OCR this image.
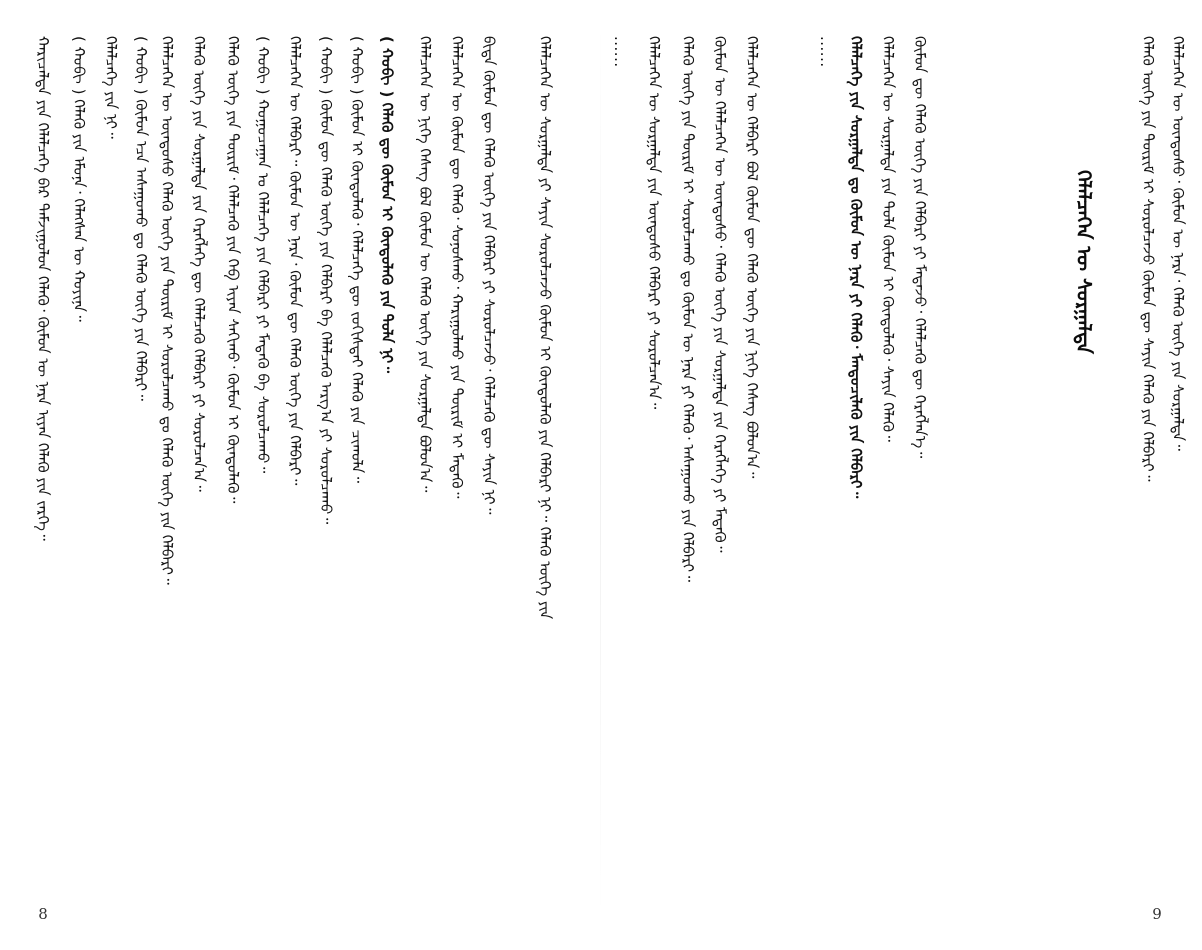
ᠬᠠᠷᠢᠴᠠᠯᠲᠠ ᠶᠢᠨ ᠬᠡᠯᠡᠯᠴᠡᠭᠡ ᠪᠡᠷ ᠳᠠᠮᠵᠢᠭᠤᠯᠤᠨ ᠬᠡᠯᠡᠬᠦ᠂ ᠬᠦᠮᠦᠨ ᠦ ᠨᠡᠷᠡ ᠢᠶᠡᠨ ᠬᠡᠯᠡᠬᠦ ᠶᠢᠨ ᠵᠡᠷᠭᠡ᠃ ( ᠬᠤᠪᠢ ) ᠬᠡᠯᠡᠬᠦ ᠶᠢᠨ ᠡᠮᠦᠨᠡ᠂ ᠬᠡᠯᠡᠭᠰᠡᠨ ᠦ ᠬᠣᠶᠢᠨᠠ᠃ ᠬᠡᠯᠡᠯᠴᠡᠭᠡ ᠶᠢᠨ ᠨᠢ᠃ ( ᠬᠤᠪᠢ ) ᠬᠦᠮᠦᠨ ᠡᠴᠡ ᠠᠰᠠᠭᠤᠬᠤ ᠳᠤ ᠬᠡᠯᠡᠬᠦ ᠦᠭᠡ ᠶᠢᠨ ᠬᠡᠯᠪᠡᠷᠢ᠃ ᠬᠡᠯᠡᠯᠴᠡᠭᠡᠨ ᠦ ᠦᠨᠳᠦᠰᠦ ᠬᠡᠯᠡᠬᠦ ᠦᠭᠡ ᠶᠢᠨ ᠳᠦᠷᠢᠮ ᠢ ᠰᠤᠷᠤᠯᠴᠠᠬᠤ ᠳᠤ ᠬᠡᠯᠡᠬᠦ ᠦᠭᠡ ᠶᠢᠨ ᠬᠡᠯᠪᠡᠷᠢ᠃ ᠬᠡᠯᠡᠬᠦ ᠦᠭᠡ ᠶᠢᠨ ᠰᠤᠷᠭᠠᠯᠲᠠ ᠶᠢᠨ ᠬᠡᠷᠡᠭᠯᠡᠭᠡ ᠳᠦ ᠬᠡᠯᠡᠯᠴᠡᠬᠦ ᠬᠡᠯᠪᠡᠷᠢ ᠶᠢ ᠰᠤᠷᠤᠯᠴᠠᠨ᠎ᠠ᠃ ᠬᠡᠯᠡᠬᠦ ᠦᠭᠡ ᠶᠢᠨ ᠳᠦᠷᠢᠮ᠂ ᠬᠡᠯᠡᠯᠴᠡᠬᠦ ᠶᠢᠨ ᠬᠡᠪ ᠢᠶᠡᠨ ᠰᠠᠬᠢᠬᠤ᠂ ᠬᠦᠮᠦᠨ ᠢ ᠬᠦᠨᠳᠦᠯᠡᠬᠦ᠃ ( ᠬᠤᠪᠢ ) ᠬᠤᠭᠤᠴᠠᠭᠠᠨ ᠤ ᠬᠡᠯᠡᠯᠴᠡᠭᠡ ᠶᠢᠨ ᠬᠡᠯᠪᠡᠷᠢ ᠶᠢ ᠮᠡᠳᠡᠬᠦ ᠪᠠ ᠰᠤᠷᠤᠯᠴᠠᠬᠤ᠃ ᠬᠡᠯᠡᠯᠴᠡᠭᠡᠨ ᠦ ᠬᠡᠯᠪᠡᠷᠢ᠃ ᠬᠦᠮᠦᠨ ᠦ ᠨᠡᠷᠡ᠂ ᠬᠦᠮᠦᠨ ᠳᠦ ᠬᠡᠯᠡᠬᠦ ᠦᠭᠡ ᠶᠢᠨ ᠬᠡᠯᠪᠡᠷᠢ᠃ ( ᠬᠤᠪᠢ ) ᠬᠦᠮᠦᠨ ᠳᠦ ᠬᠡᠯᠡᠬᠦ ᠦᠭᠡ ᠶᠢᠨ ᠬᠡᠯᠪᠡᠷᠢ ᠪᠠ ᠬᠡᠯᠡᠯᠴᠡᠬᠦ ᠠᠷᠭ᠎ᠠ ᠶᠢ ᠰᠤᠷᠤᠯᠴᠠᠬᠤ᠃ ( ᠬᠤᠪᠢ ) ᠬᠦᠮᠦᠨ ᠢ ᠬᠦᠨᠳᠦᠯᠡᠬᠦ᠂ ᠬᠡᠯᠡᠯᠴᠡᠭᠡ ᠳᠦ ᠵᠣᠬᠢᠰᠲᠠᠢ ᠬᠡᠯᠡᠬᠦ ᠶᠢᠨ ᠴᠢᠬᠤᠯᠠ᠃ ( ᠬᠤᠪᠢ ) ᠬᠡᠯᠡᠬᠦ ᠳᠦ ᠬᠦᠮᠦᠨ ᠢ ᠬᠦᠨᠳᠦᠯᠡᠬᠦ ᠶᠢᠨ ᠲᠤᠯᠠ ᠨᠢ᠃ ᠬᠡᠯᠡᠯᠴᠡᠭᠡᠨ ᠦ ᠨᠢᠭᠡ ᠬᠡᠰᠡᠭ ᠪᠣᠯ ᠬᠦᠮᠦᠨ ᠦ ᠬᠡᠯᠡᠬᠦ ᠦᠭᠡ ᠶᠢᠨ ᠰᠤᠷᠭᠠᠯᠲᠠ ᠪᠣᠯᠤᠨ᠎ᠠ᠃ ᠬᠡᠯᠡᠯᠴᠡᠭᠡᠨ ᠦ ᠬᠦᠮᠦᠨ ᠳᠦ ᠬᠡᠯᠡᠬᠦ᠂ ᠰᠣᠨᠣᠰᠬᠤ᠂ ᠬᠠᠷᠢᠭᠤᠯᠬᠤ ᠶᠢᠨ ᠳᠦᠷᠢᠮ ᠢ ᠮᠡᠳᠡᠬᠦ᠃ ᠪᠢᠳᠡ ᠬᠦᠮᠦᠨ ᠳᠦ ᠬᠡᠯᠡᠬᠦ ᠦᠭᠡ ᠶᠢᠨ ᠬᠡᠯᠪᠡᠷᠢ ᠶᠢ ᠰᠤᠷᠤᠯᠴᠠᠵᠤ᠂ ᠬᠡᠯᠡᠯᠴᠡᠬᠦ ᠳᠦ ᠰᠠᠶᠢᠨ ᠨᠢ᠃	ᠬᠡᠯᠡᠯᠴᠡᠭᠡᠨ ᠦ ᠰᠤᠷᠭᠠᠯᠲᠠ ᠶᠢ ᠰᠠᠶᠢᠨ ᠰᠤᠷᠤᠯᠴᠠᠵᠤ ᠬᠦᠮᠦᠨ ᠢ ᠬᠦᠨᠳᠦᠯᠡᠬᠦ ᠶᠢᠨ ᠬᠡᠯᠪᠡᠷᠢ ᠨᠢ᠃ ᠬᠡᠯᠡᠬᠦ ᠦᠭᠡ ᠶᠢᠨ
8
...... ᠬᠡᠯᠡᠯᠴᠡᠭᠡᠨ ᠦ ᠰᠤᠷᠭᠠᠯᠲᠠ ᠶᠢᠨ ᠦᠨᠳᠦᠰᠦ ᠬᠡᠯᠪᠡᠷᠢ ᠶᠢ ᠰᠤᠷᠤᠯᠴᠠᠨ᠎ᠠ᠃ ᠬᠡᠯᠡᠬᠦ ᠦᠭᠡ ᠶᠢᠨ ᠳᠦᠷᠢᠮ ᠢ ᠰᠤᠷᠤᠯᠴᠠᠬᠤ ᠳᠤ ᠬᠦᠮᠦᠨ ᠦ ᠨᠡᠷᠡ ᠶᠢ ᠬᠡᠯᠡᠬᠦ᠂ ᠠᠰᠠᠭᠤᠬᠤ ᠶᠢᠨ ᠬᠡᠯᠪᠡᠷᠢ᠃ ᠬᠦᠮᠦᠨ ᠦ ᠬᠡᠯᠡᠯᠴᠡᠭᠡᠨ ᠦ ᠦᠨᠳᠦᠰᠦ᠂ ᠬᠡᠯᠡᠬᠦ ᠦᠭᠡ ᠶᠢᠨ ᠰᠤᠷᠭᠠᠯᠲᠠ ᠶᠢᠨ ᠬᠡᠷᠡᠭᠯᠡᠭᠡ ᠶᠢ ᠮᠡᠳᠡᠬᠦ᠃ ᠬᠡᠯᠡᠯᠴᠡᠭᠡᠨ ᠦ ᠬᠡᠯᠪᠡᠷᠢ ᠪᠣᠯ ᠬᠦᠮᠦᠨ ᠳᠦ ᠬᠡᠯᠡᠬᠦ ᠦᠭᠡ ᠶᠢᠨ ᠨᠢᠭᠡ ᠬᠡᠰᠡᠭ ᠪᠣᠯᠤᠨ᠎ᠠ᠃	...... ᠬᠡᠯᠡᠯᠴᠡᠭᠡ ᠶᠢᠨ ᠰᠤᠷᠭᠠᠯᠲᠠ ᠳᠤ ᠬᠦᠮᠦᠨ ᠦ ᠨᠡᠷᠡ ᠶᠢ ᠬᠡᠯᠡᠬᠦ᠂ ᠮᠡᠨᠳᠦᠴᠢᠯᠡᠬᠦ ᠶᠢᠨ ᠬᠡᠯᠪᠡᠷᠢ᠃ ᠬᠡᠯᠡᠯᠴᠡᠭᠡᠨ ᠦ ᠰᠤᠷᠭᠠᠯᠲᠠ ᠶᠢᠨ ᠲᠤᠯᠠ ᠬᠦᠮᠦᠨ ᠢ ᠬᠦᠨᠳᠦᠯᠡᠬᠦ᠂ ᠰᠠᠶᠢᠨ ᠬᠡᠯᠡᠬᠦ᠃ ᠬᠦᠮᠦᠨ ᠳᠦ ᠬᠡᠯᠡᠬᠦ ᠦᠭᠡ ᠶᠢᠨ ᠬᠡᠯᠪᠡᠷᠢ ᠶᠢ ᠮᠡᠳᠡᠵᠦ᠂ ᠬᠡᠯᠡᠯᠴᠡᠬᠦ ᠳᠦ ᠬᠡᠷᠡᠭᠯᠡᠨ᠎ᠡ᠃	ᠬᠡᠯᠡᠯᠴᠡᠭᠡᠨ ᠦ ᠰᠤᠷᠭᠠᠯᠲᠠ	ᠬᠡᠯᠡᠬᠦ ᠦᠭᠡ ᠶᠢᠨ ᠳᠦᠷᠢᠮ ᠢ ᠰᠤᠷᠤᠯᠴᠠᠵᠤ ᠬᠦᠮᠦᠨ ᠳᠦ ᠰᠠᠶᠢᠨ ᠬᠡᠯᠡᠬᠦ ᠶᠢᠨ ᠬᠡᠯᠪᠡᠷᠢ᠃ ᠬᠡᠯᠡᠯᠴᠡᠭᠡᠨ ᠦ ᠦᠨᠳᠦᠰᠦ᠂ ᠬᠦᠮᠦᠨ ᠦ ᠨᠡᠷᠡ᠂ ᠬᠡᠯᠡᠬᠦ ᠦᠭᠡ ᠶᠢᠨ ᠰᠤᠷᠭᠠᠯᠲᠠ᠃
9
